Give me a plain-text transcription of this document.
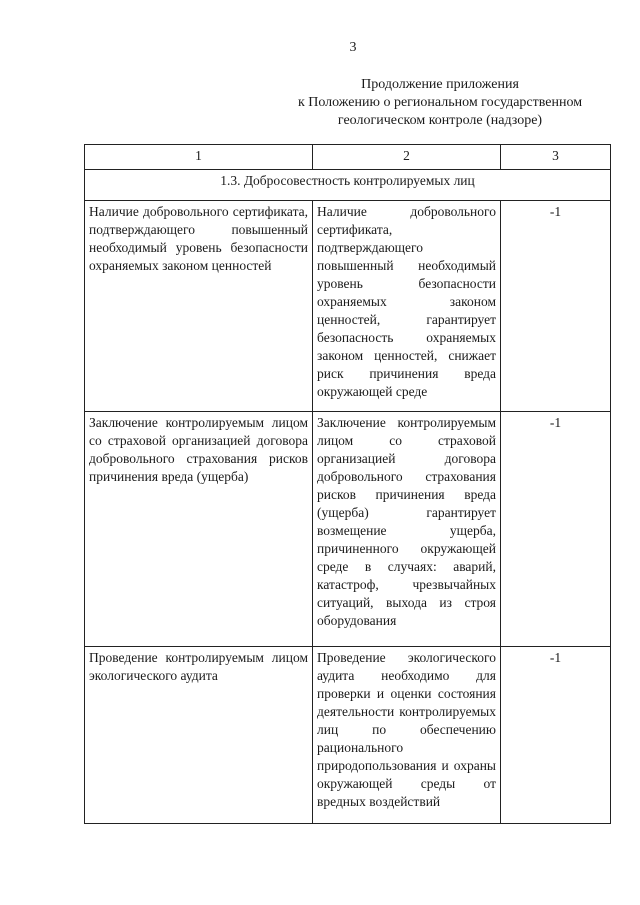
3
Продолжение приложения
к Положению о региональном государственном
геологическом контроле (надзоре)
1	2	3
1.3. Добросовестность контролируемых лиц		
Наличие добровольного сертификата, подтверждающего повышенный необходимый уровень безопасности охраняемых законом ценностей	Наличие добровольного сертификата, подтверждающего повышенный необходимый уровень безопасности охраняемых законом ценностей, гарантирует безопасность охраняемых законом ценностей, снижает риск причинения вреда окружающей среде	-1
Заключение контролируемым лицом со страховой организацией договора добровольного страхования рисков причинения вреда (ущерба)	Заключение контролируемым лицом со страховой организацией договора добровольного страхования рисков причинения вреда (ущерба) гарантирует возмещение ущерба, причиненного окружающей среде в случаях: аварий, катастроф, чрезвычайных ситуаций, выхода из строя оборудования	-1
Проведение контролируемым лицом экологического аудита	Проведение экологического аудита необходимо для проверки и оценки состояния деятельности контролируемых лиц по обеспечению рационального природопользования и охраны окружающей среды от вредных воздействий	-1
